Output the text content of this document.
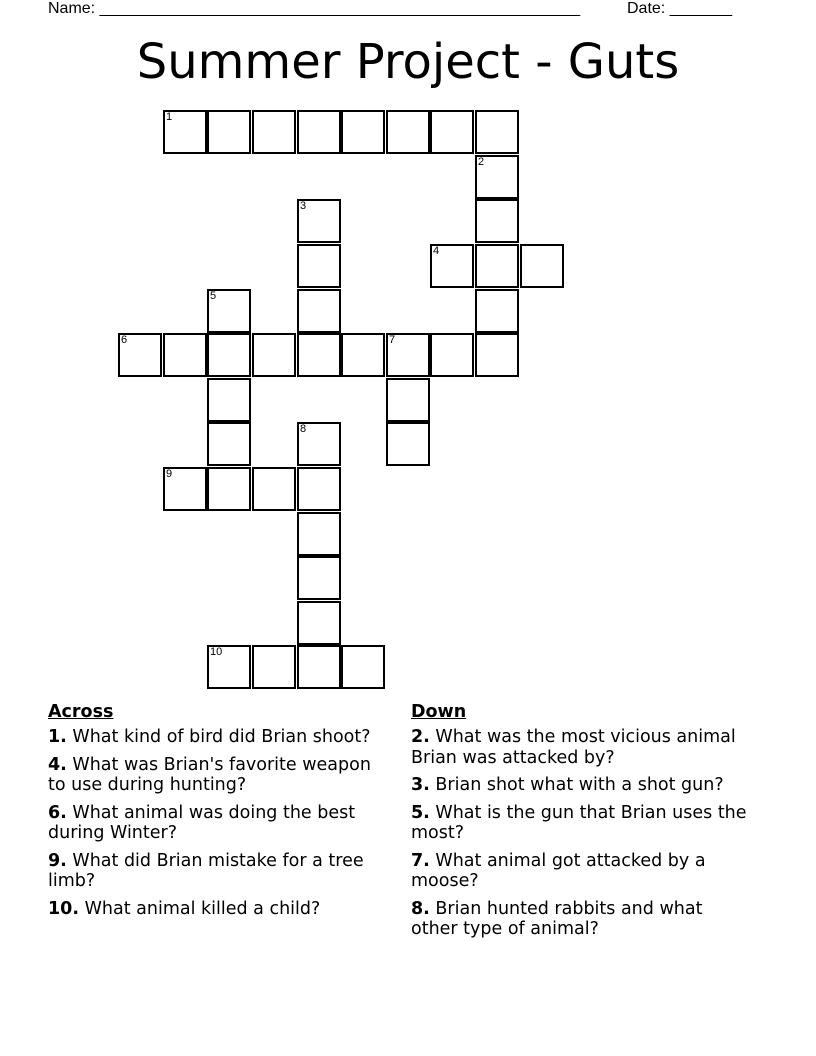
Name: ______________________________________________________	Date: _______
Summer Project - Guts
1
2
3
4
5
6	7
8
9
10
Across
1. What kind of bird did Brian shoot?
4. What was Brian's favorite weapon to use during hunting?
6. What animal was doing the best during Winter?
9. What did Brian mistake for a tree limb?
10. What animal killed a child?
Down
2. What was the most vicious animal Brian was attacked by?
3. Brian shot what with a shot gun?
5. What is the gun that Brian uses the most?
7. What animal got attacked by a moose?
8. Brian hunted rabbits and what other type of animal?
